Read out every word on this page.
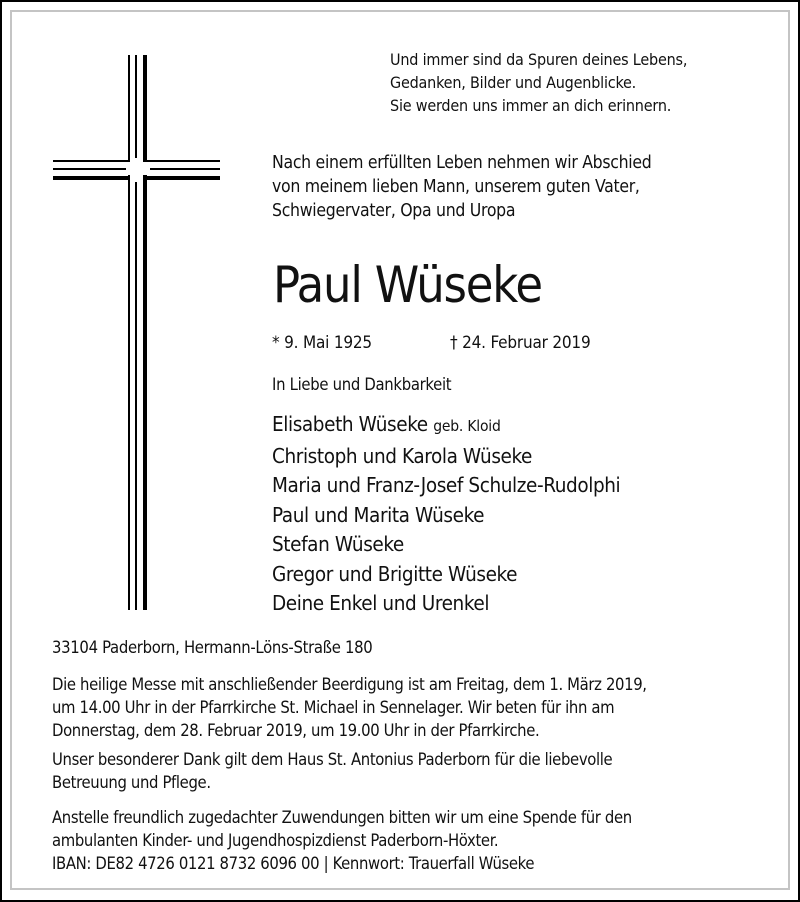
Und immer sind da Spuren deines Lebens,
Gedanken, Bilder und Augenblicke.
Sie werden uns immer an dich erinnern.
Nach einem erfüllten Leben nehmen wir Abschied
von meinem lieben Mann, unserem guten Vater,
Schwiegervater, Opa und Uropa
Paul Wüseke
* 9. Mai 1925	† 24. Februar 2019
In Liebe und Dankbarkeit
Elisabeth Wüseke geb. Kloid
Christoph und Karola Wüseke
Maria und Franz-Josef Schulze-Rudolphi
Paul und Marita Wüseke
Stefan Wüseke
Gregor und Brigitte Wüseke
Deine Enkel und Urenkel
33104 Paderborn, Hermann-Löns-Straße 180
Die heilige Messe mit anschließender Beerdigung ist am Freitag, dem 1. März 2019,
um 14.00 Uhr in der Pfarrkirche St. Michael in Sennelager. Wir beten für ihn am
Donnerstag, dem 28. Februar 2019, um 19.00 Uhr in der Pfarrkirche.
Unser besonderer Dank gilt dem Haus St. Antonius Paderborn für die liebevolle
Betreuung und Pflege.
Anstelle freundlich zugedachter Zuwendungen bitten wir um eine Spende für den
ambulanten Kinder- und Jugendhospizdienst Paderborn-Höxter.
IBAN: DE82 4726 0121 8732 6096 00 | Kennwort: Trauerfall Wüseke
